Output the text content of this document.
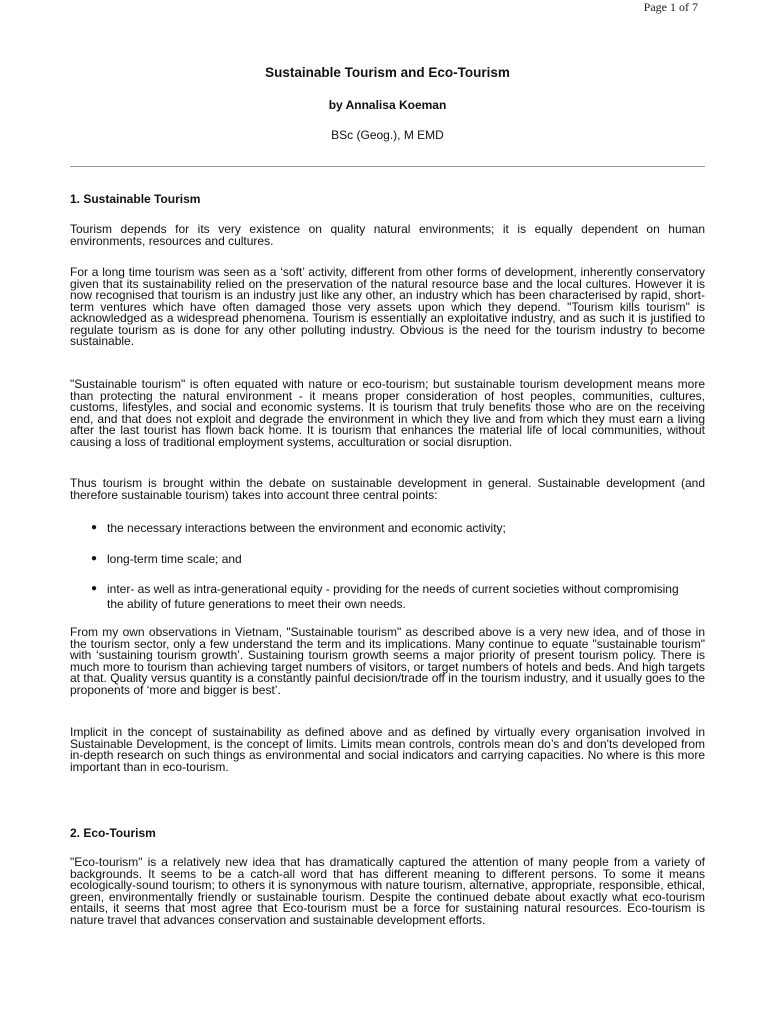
Page 1 of 7
Sustainable Tourism and Eco-Tourism
by Annalisa Koeman
BSc (Geog.), M EMD
1. Sustainable Tourism

Tourism depends for its very existence on quality natural environments; it is equally dependent on human environments, resources and cultures.

For a long time tourism was seen as a ‘soft’ activity, different from other forms of development, inherently conservatory given that its sustainability relied on the preservation of the natural resource base and the local cultures. However it is now recognised that tourism is an industry just like any other, an industry which has been characterised by rapid, short-term ventures which have often damaged those very assets upon which they depend. "Tourism kills tourism" is acknowledged as a widespread phenomena. Tourism is essentially an exploitative industry, and as such it is justified to regulate tourism as is done for any other polluting industry. Obvious is the need for the tourism industry to become sustainable.

"Sustainable tourism" is often equated with nature or eco-tourism; but sustainable tourism development means more than protecting the natural environment - it means proper consideration of host peoples, communities, cultures, customs, lifestyles, and social and economic systems. It is tourism that truly benefits those who are on the receiving end, and that does not exploit and degrade the environment in which they live and from which they must earn a living after the last tourist has flown back home. It is tourism that enhances the material life of local communities, without causing a loss of traditional employment systems, acculturation or social disruption.

Thus tourism is brought within the debate on sustainable development in general. Sustainable development (and therefore sustainable tourism) takes into account three central points:

● the necessary interactions between the environment and economic activity;
● long-term time scale; and
● inter- as well as intra-generational equity - providing for the needs of current societies without compromising the ability of future generations to meet their own needs.

From my own observations in Vietnam, "Sustainable tourism" as described above is a very new idea, and of those in the tourism sector, only a few understand the term and its implications. Many continue to equate "sustainable tourism" with ‘sustaining tourism growth’. Sustaining tourism growth seems a major priority of present tourism policy. There is much more to tourism than achieving target numbers of visitors, or target numbers of hotels and beds. And high targets at that. Quality versus quantity is a constantly painful decision/trade off in the tourism industry, and it usually goes to the proponents of ‘more and bigger is best’.

Implicit in the concept of sustainability as defined above and as defined by virtually every organisation involved in Sustainable Development, is the concept of limits. Limits mean controls, controls mean do’s and don'ts developed from in-depth research on such things as environmental and social indicators and carrying capacities. No where is this more important than in eco-tourism.

2. Eco-Tourism

"Eco-tourism" is a relatively new idea that has dramatically captured the attention of many people from a variety of backgrounds. It seems to be a catch-all word that has different meaning to different persons. To some it means ecologically-sound tourism; to others it is synonymous with nature tourism, alternative, appropriate, responsible, ethical, green, environmentally friendly or sustainable tourism. Despite the continued debate about exactly what eco-tourism entails, it seems that most agree that Eco-tourism must be a force for sustaining natural resources. Eco-tourism is nature travel that advances conservation and sustainable development efforts.
